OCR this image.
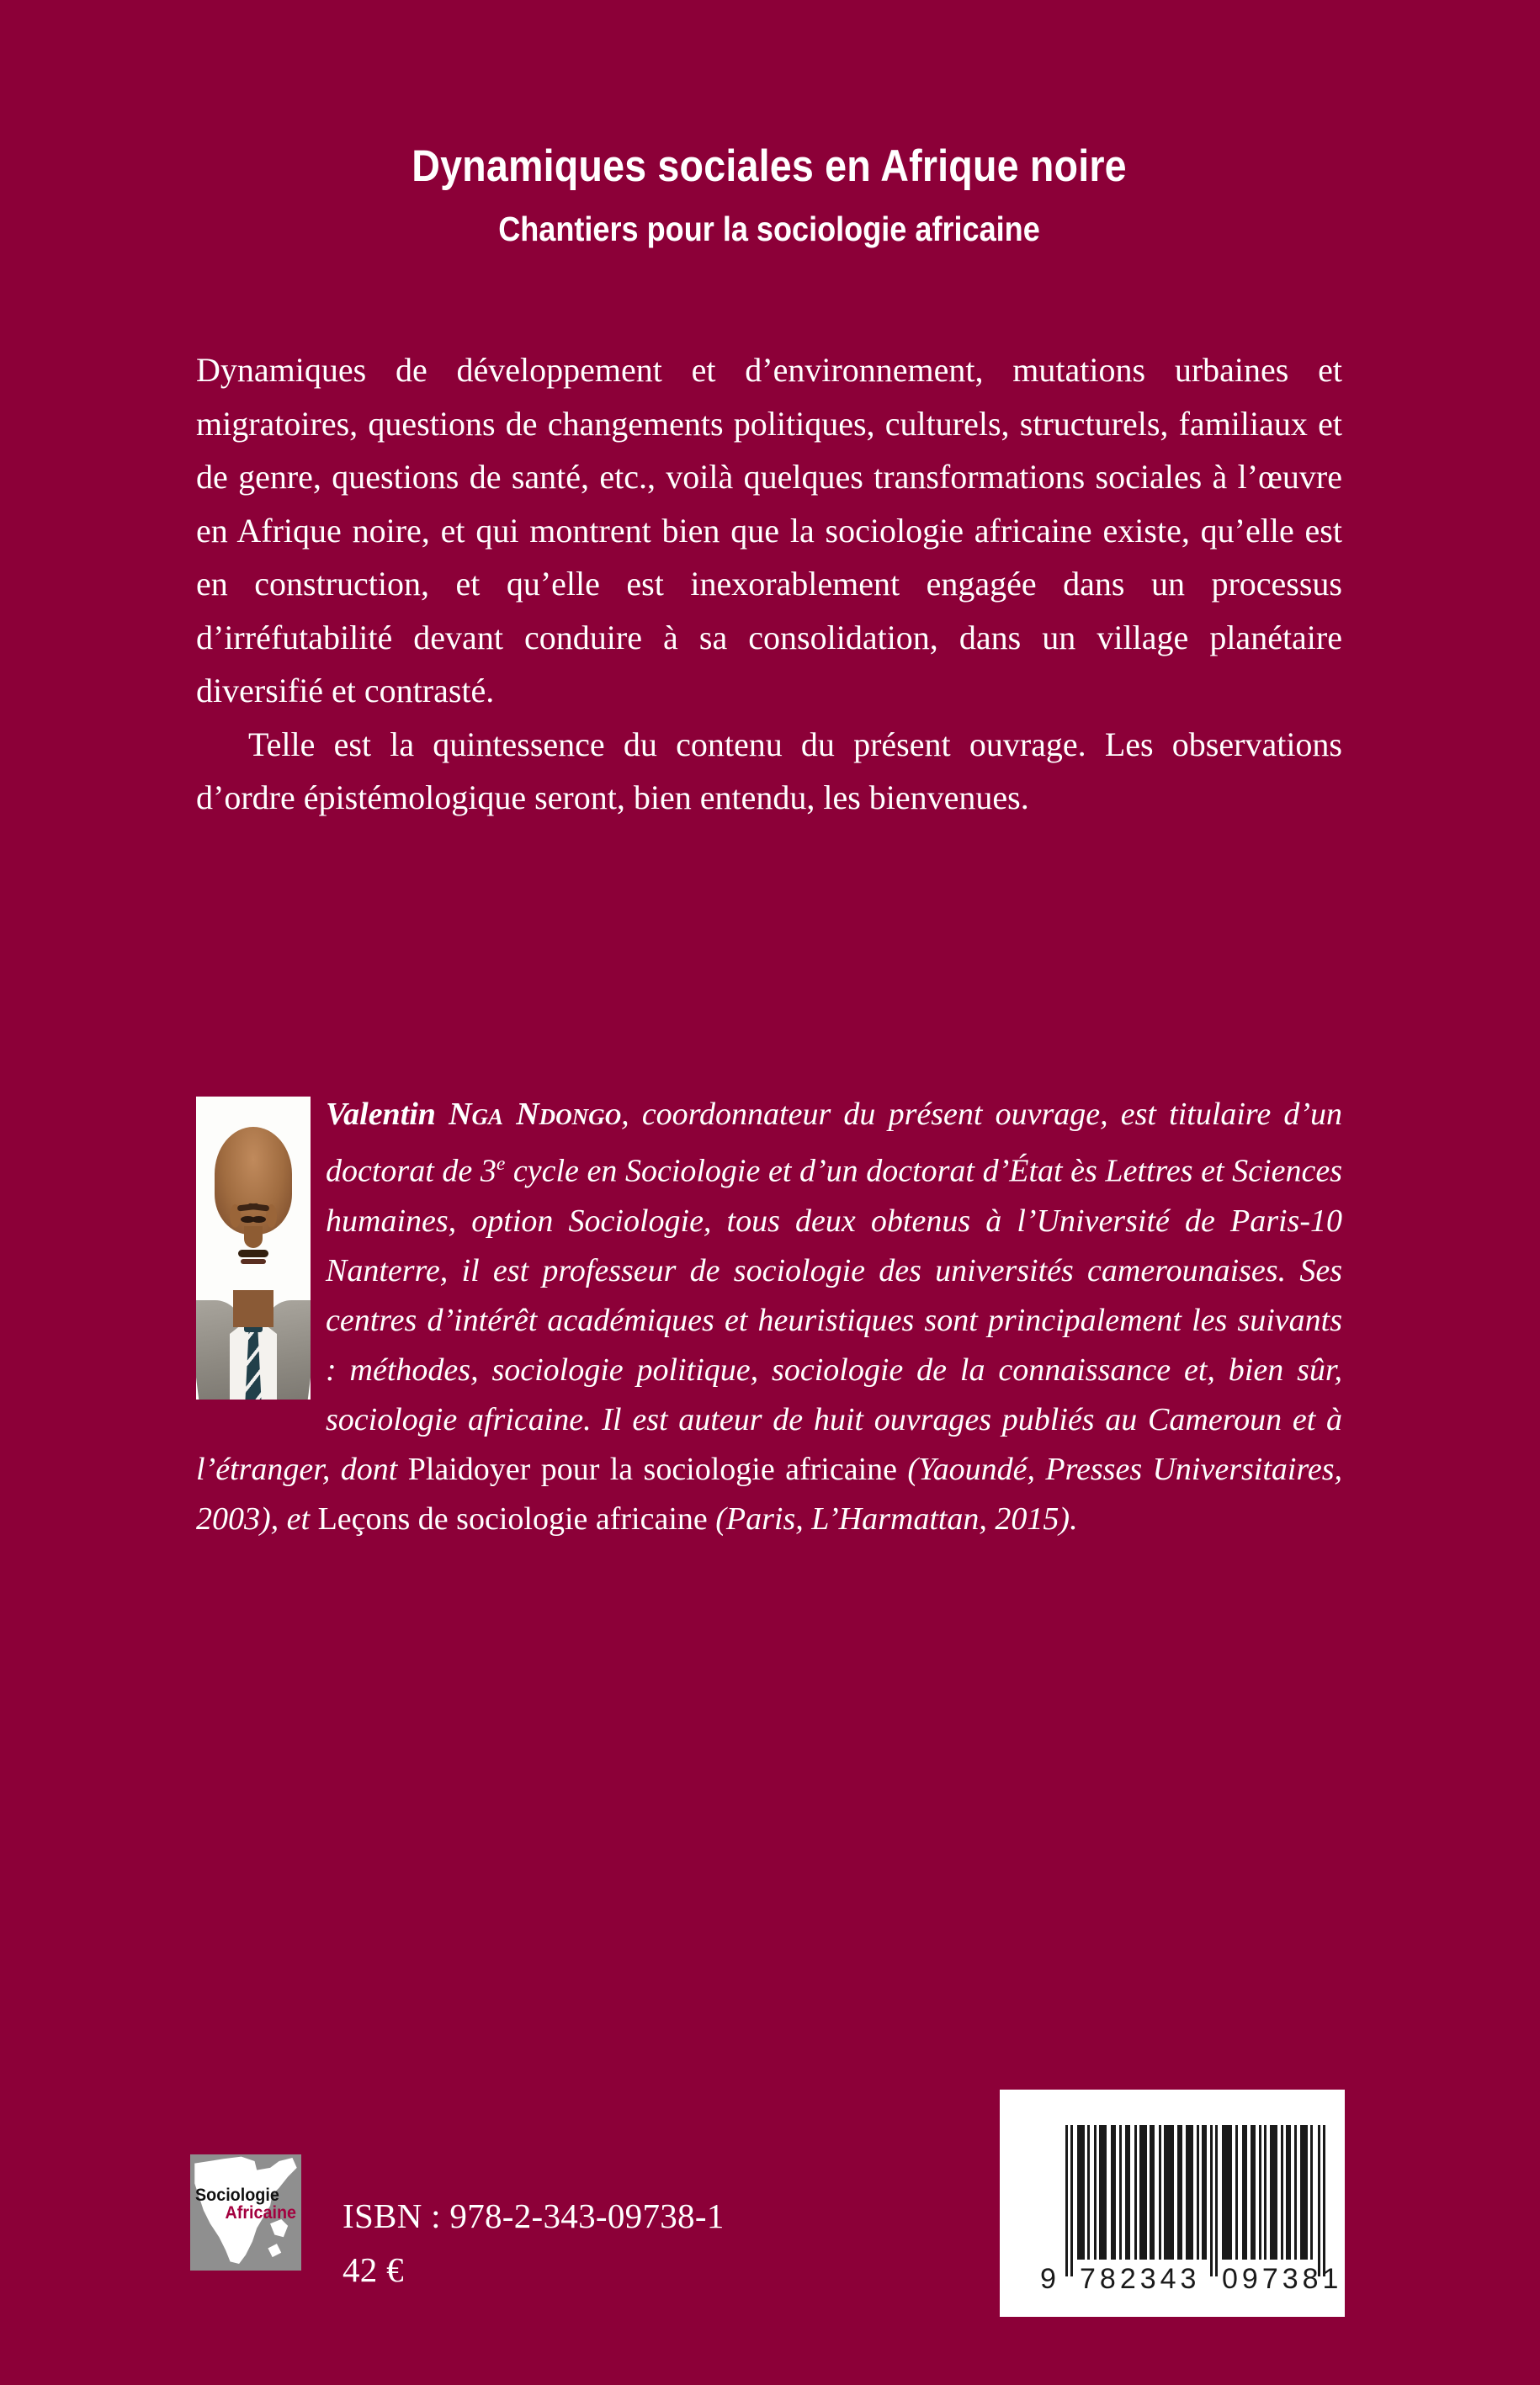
Dynamiques sociales en Afrique noire
Chantiers pour la sociologie africaine

Dynamiques de développement et d’environnement, mutations urbaines et migratoires, questions de changements politiques, culturels, structurels, familiaux et de genre, questions de santé, etc., voilà quelques transformations sociales à l’œuvre en Afrique noire, et qui montrent bien que la sociologie africaine existe, qu’elle est en construction, et qu’elle est inexorablement engagée dans un processus d’irréfutabilité devant conduire à sa consolidation, dans un village planétaire diversifié et contrasté.

Telle est la quintessence du contenu du présent ouvrage. Les observations d’ordre épistémologique seront, bien entendu, les bienvenues.

Valentin Nga Ndongo, coordonnateur du présent ouvrage, est titulaire d’un doctorat de 3e cycle en Sociologie et d’un doctorat d’État ès Lettres et Sciences humaines, option Sociologie, tous deux obtenus à l’Université de Paris-10 Nanterre, il est professeur de sociologie des universités camerounaises. Ses centres d’intérêt académiques et heuristiques sont principalement les suivants : méthodes, sociologie politique, sociologie de la connaissance et, bien sûr, sociologie africaine. Il est auteur de huit ouvrages publiés au Cameroun et à l’étranger, dont Plaidoyer pour la sociologie africaine (Yaoundé, Presses Universitaires, 2003), et Leçons de sociologie africaine (Paris, L’Harmattan, 2015).
Sociologie
Africaine ISBN : 978-2-343-09738-1
42 €	9 782343 097381
